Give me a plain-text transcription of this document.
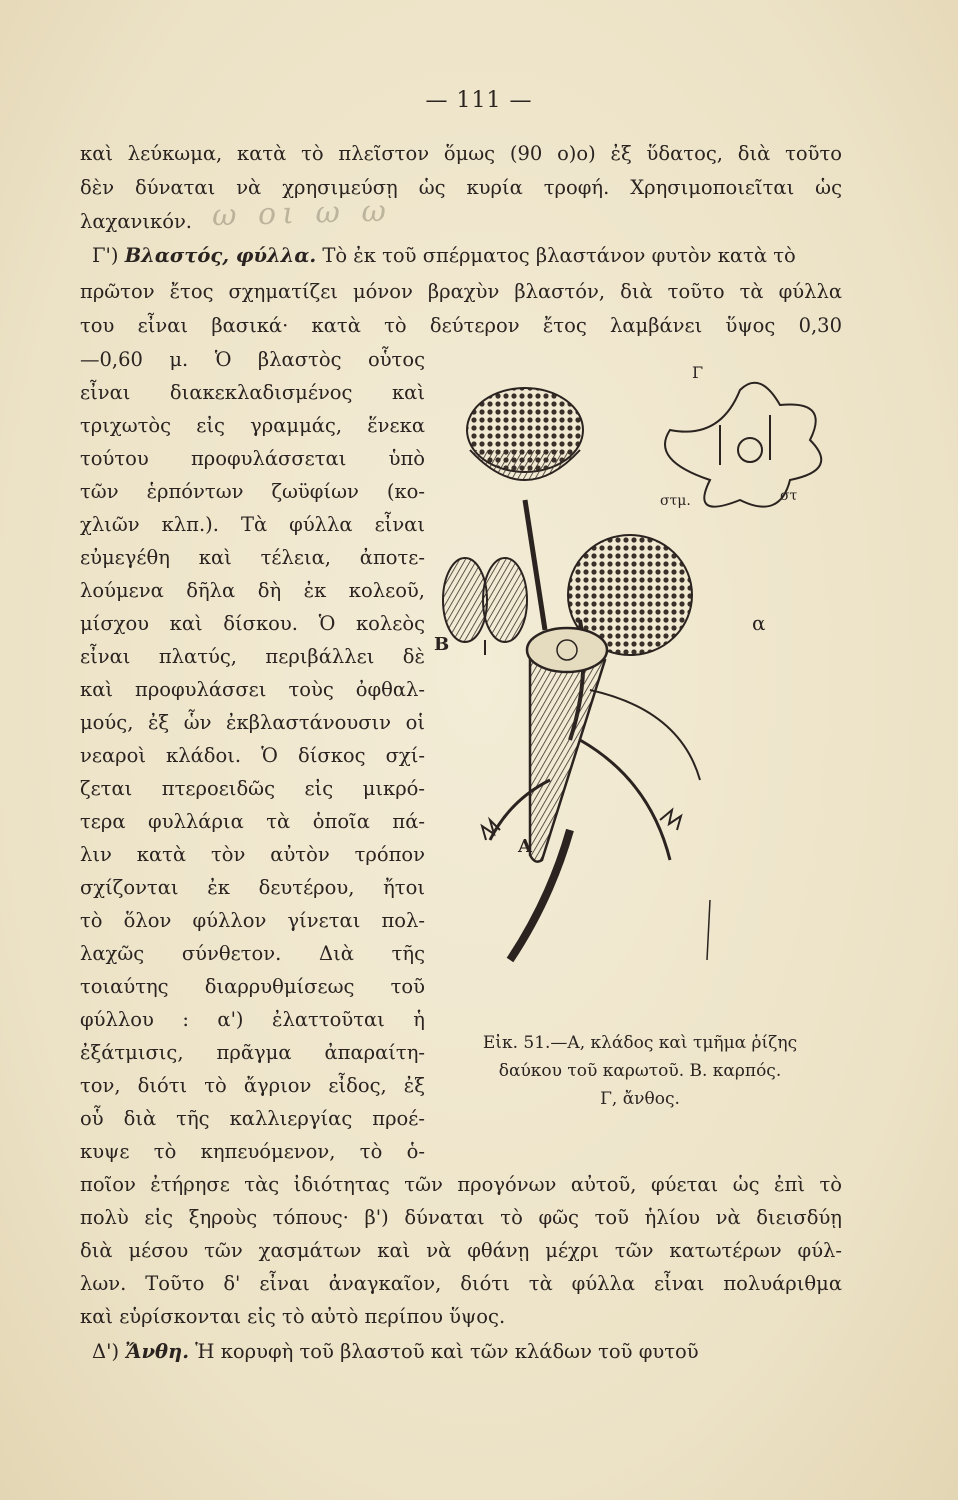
— 111 —
καὶ λεύκωμα, κατὰ τὸ πλεῖστον ὅμως (90 ο)ο) ἐξ ὕδατος, διὰ τοῦτο
δὲν δύναται νὰ χρησιμεύσῃ ὡς κυρία τροφή. Χρησιμοποιεῖται ὡς
λαχανικόν. ω οι ω ω
Γ') Βλαστός, φύλλα. Τὸ ἐκ τοῦ σπέρματος βλαστάνον φυτὸν κατὰ τὸ
πρῶτον ἔτος σχηματίζει μόνον βραχὺν βλαστόν, διὰ τοῦτο τὰ φύλλα
του εἶναι βασικά· κατὰ τὸ δεύτερον ἔτος λαμβάνει ὕψος 0,30
—0,60 μ. Ὁ βλαστὸς οὗτος
εἶναι διακεκλαδισμένος καὶ
τριχωτὸς εἰς γραμμάς, ἕνεκα
τούτου προφυλάσσεται ὑπὸ
τῶν ἑρπόντων ζωϋφίων (κο-
χλιῶν κλπ.). Τὰ φύλλα εἶναι
εὐμεγέθη καὶ τέλεια, ἀποτε-
λούμενα δῆλα δὴ ἐκ κολεοῦ,
μίσχου καὶ δίσκου. Ὁ κολεὸς
εἶναι πλατύς, περιβάλλει δὲ
καὶ προφυλάσσει τοὺς ὀφθαλ-
μούς, ἐξ ὧν ἐκβλαστάνουσιν οἱ
νεαροὶ κλάδοι. Ὁ δίσκος σχί-
ζεται πτεροειδῶς εἰς μικρό-
τερα φυλλάρια τὰ ὁποῖα πά-
λιν κατὰ τὸν αὐτὸν τρόπον
σχίζονται ἐκ δευτέρου, ἤτοι
τὸ ὅλον φύλλον γίνεται πολ-
λαχῶς σύνθετον. Διὰ τῆς
τοιαύτης διαρρυθμίσεως τοῦ
φύλλου : α') ἐλαττοῦται ἡ
ἐξάτμισις, πρᾶγμα ἀπαραίτη-
τον, διότι τὸ ἄγριον εἶδος, ἐξ
οὗ διὰ τῆς καλλιεργίας προέ-
κυψε τὸ κηπευόμενον, τὸ ὁ-
ποῖον ἐτήρησε τὰς ἰδιότητας τῶν προγόνων αὐτοῦ, φύεται ὡς ἐπὶ τὸ
πολὺ εἰς ξηροὺς τόπους· β') δύναται τὸ φῶς τοῦ ἡλίου νὰ διεισδύῃ
διὰ μέσου τῶν χασμάτων καὶ νὰ φθάνῃ μέχρι τῶν κατωτέρων φύλ-
λων. Τοῦτο δ' εἶναι ἀναγκαῖον, διότι τὰ φύλλα εἶναι πολυάριθμα
καὶ εὑρίσκονται εἰς τὸ αὐτὸ περίπου ὕψος.
Δ') Ἄνθη. Ἡ κορυφὴ τοῦ βλαστοῦ καὶ τῶν κλάδων τοῦ φυτοῦ
Εἰκ. 51.—Α, κλάδος καὶ τμῆμα ῥίζης
δαύκου τοῦ καρωτοῦ. Β. καρπός.
Γ, ἄνθος.
Γ
στμ.	στ
α
Β
Α
